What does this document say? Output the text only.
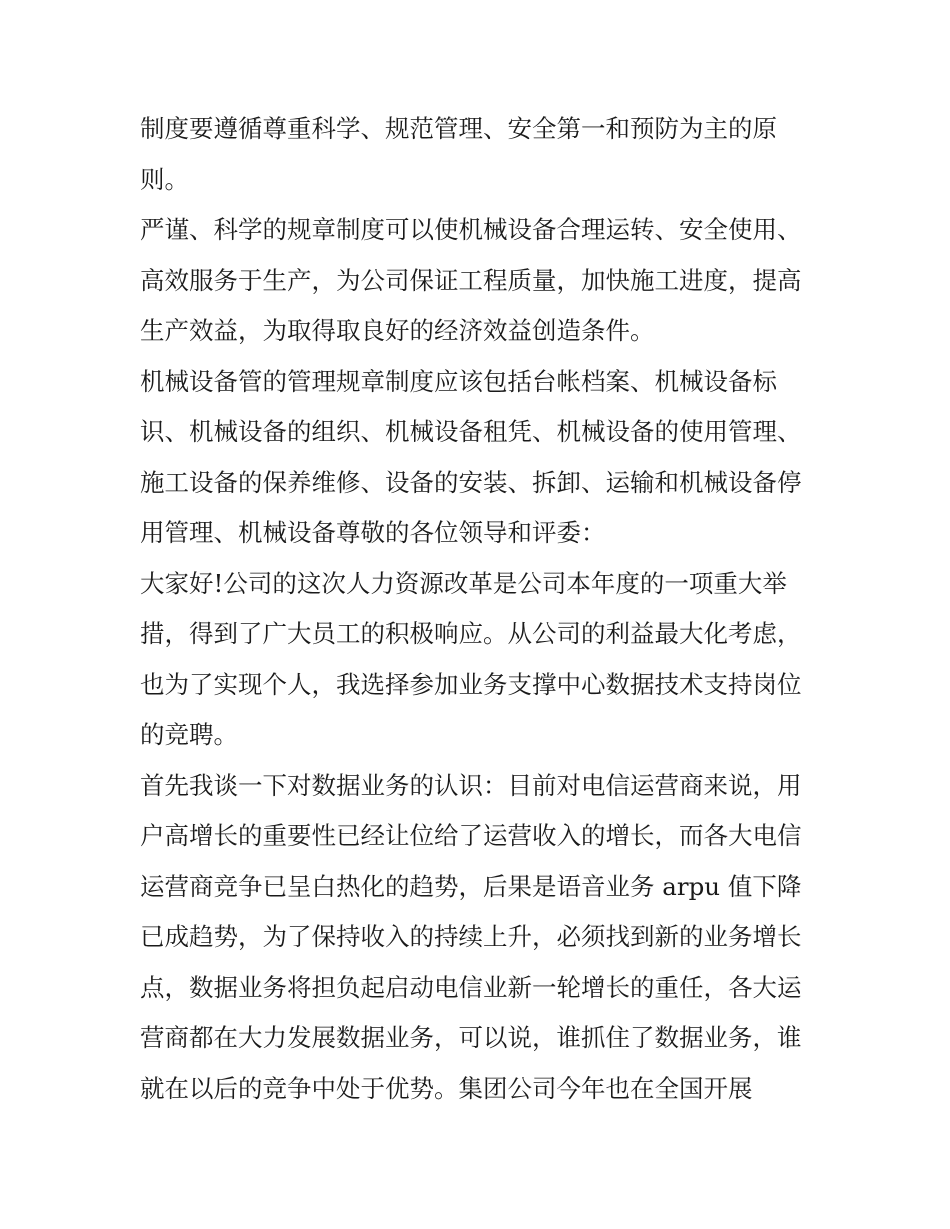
制度要遵循尊重科学、规范管理、安全第一和预防为主的原
则。
严谨、科学的规章制度可以使机械设备合理运转、安全使用、
高效服务于生产，为公司保证工程质量，加快施工进度，提高
生产效益，为取得取良好的经济效益创造条件。
机械设备管的管理规章制度应该包括台帐档案、机械设备标
识、机械设备的组织、机械设备租凭、机械设备的使用管理、
施工设备的保养维修、设备的安装、拆卸、运输和机械设备停
用管理、机械设备尊敬的各位领导和评委：
大家好!公司的这次人力资源改革是公司本年度的一项重大举
措，得到了广大员工的积极响应。从公司的利益最大化考虑，
也为了实现个人，我选择参加业务支撑中心数据技术支持岗位
的竞聘。
首先我谈一下对数据业务的认识：目前对电信运营商来说，用
户高增长的重要性已经让位给了运营收入的增长，而各大电信
运营商竞争已呈白热化的趋势，后果是语音业务 arpu 值下降
已成趋势，为了保持收入的持续上升，必须找到新的业务增长
点，数据业务将担负起启动电信业新一轮增长的重任，各大运
营商都在大力发展数据业务，可以说，谁抓住了数据业务，谁
就在以后的竞争中处于优势。集团公司今年也在全国开展
